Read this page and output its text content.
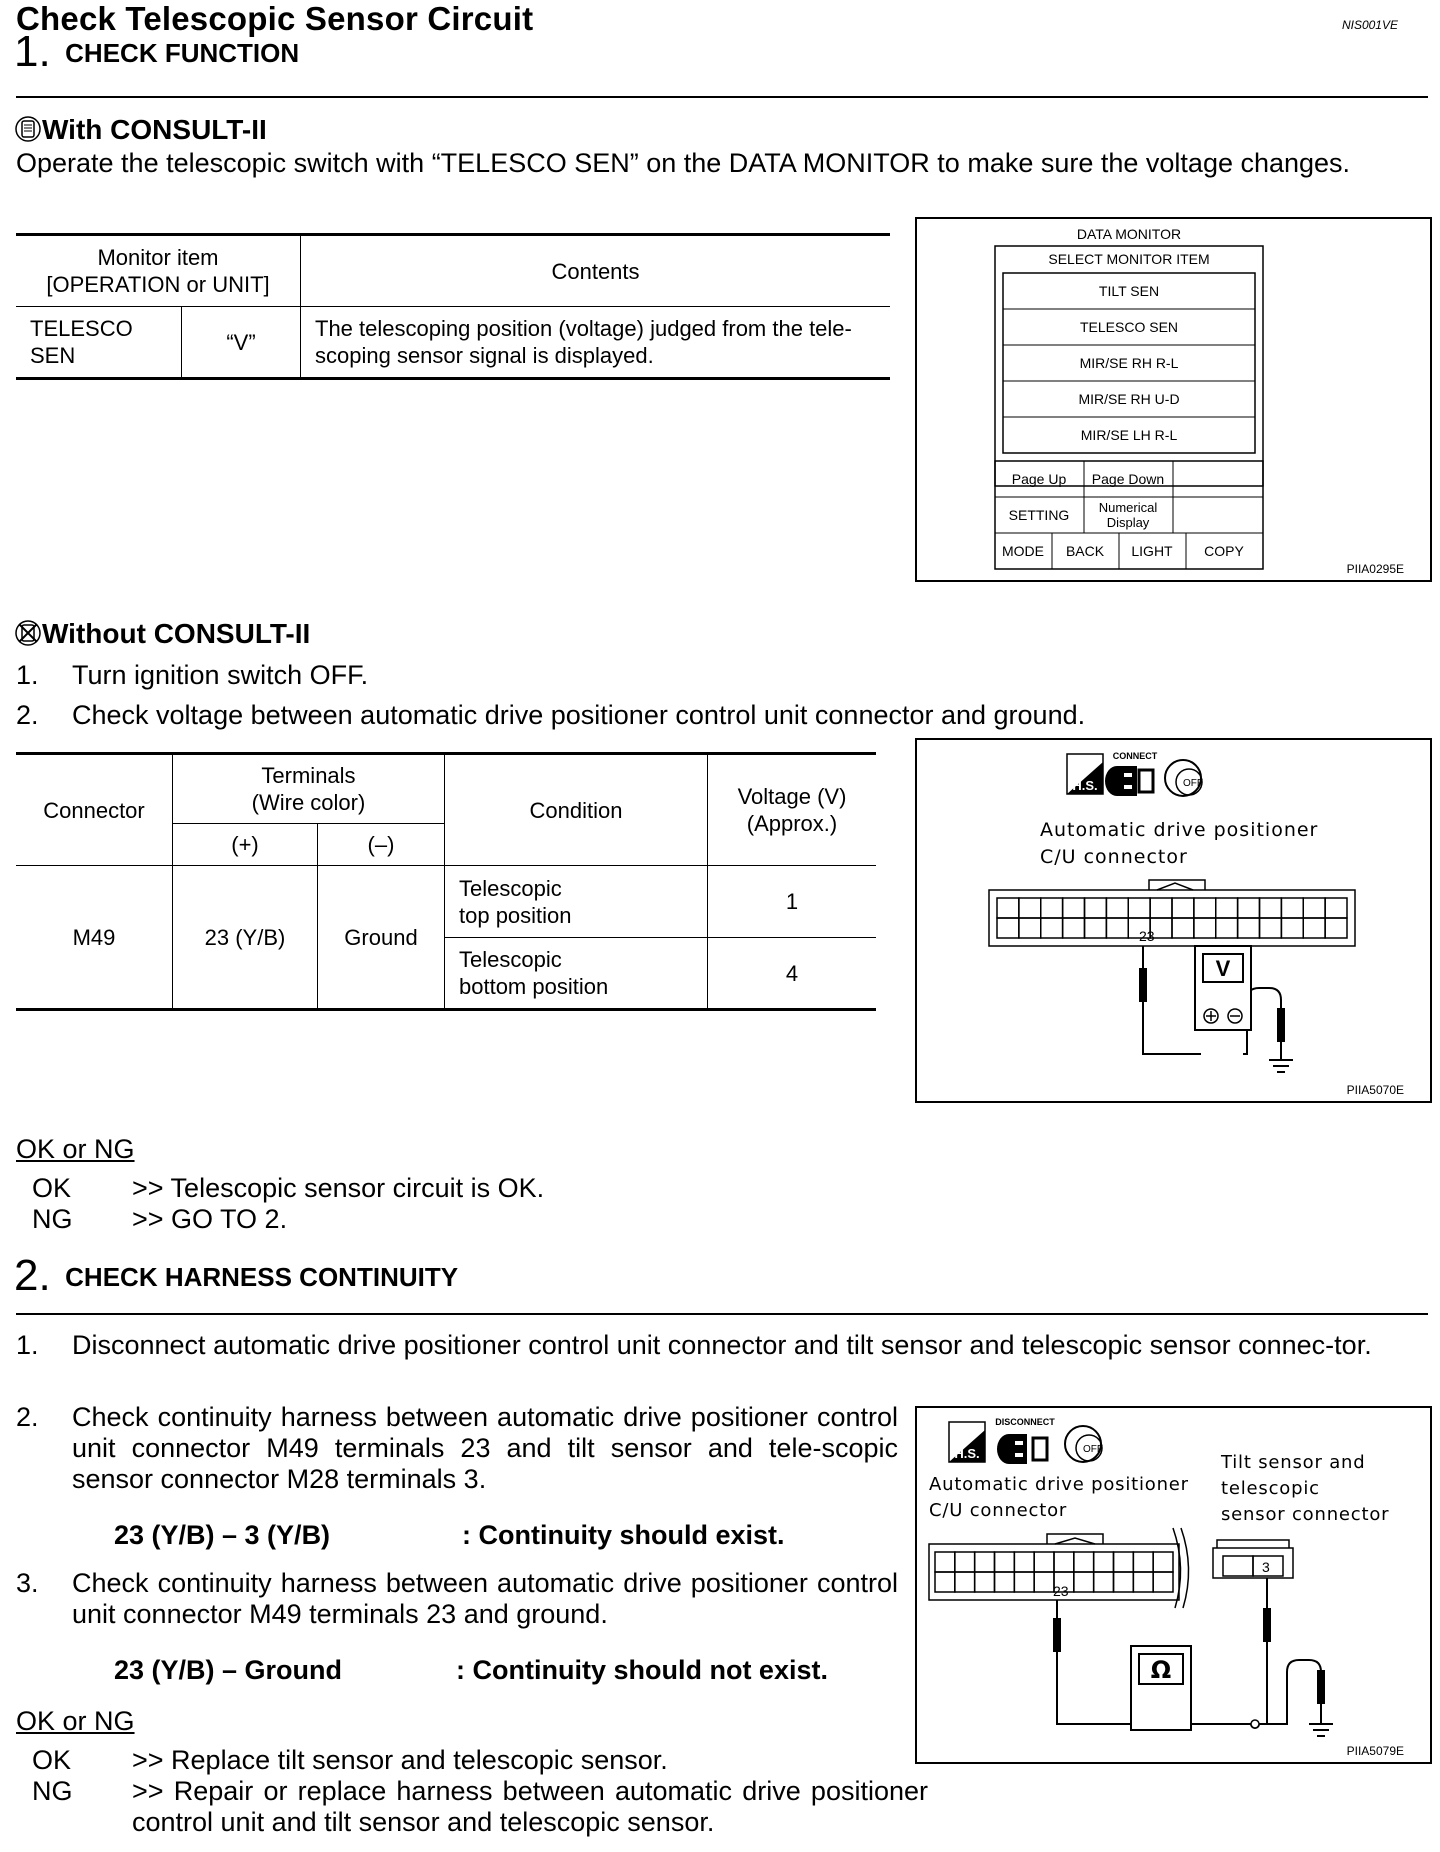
Check Telescopic Sensor Circuit	NIS001VE
1. CHECK FUNCTION
With CONSULT-II
Operate the telescopic switch with “TELESCO SEN” on the DATA MONITOR to make sure the voltage changes.
Monitor item
[OPERATION or UNIT]		Contents
TELESCO
SEN	“V”	The telescoping position (voltage) judged from the tele-
scoping sensor signal is displayed.
DATA MONITOR
SELECT MONITOR ITEM
TILT SEN
TELESCO SEN
MIR/SE RH R-L
MIR/SE RH U-D
MIR/SE LH R-L
Page Up Page Down
SETTING Numerical
Display
MODE BACK LIGHT COPY
PIIA0295E
Without CONSULT-II
1. Turn ignition switch OFF.
2. Check voltage between automatic drive positioner control unit connector and ground.
Connector	Terminals
(Wire color)		Condition	Voltage (V)
(Approx.)
	(+)	(–)		
M49	23 (Y/B)	Ground	Telescopic
top position	1
			Telescopic
bottom position	4
H.S.
CONNECT
OFF
Automatic drive positioner
C/U connector
23
V
PIIA5070E
OK or NG
OK >> Telescopic sensor circuit is OK.
NG >> GO TO 2.
2. CHECK HARNESS CONTINUITY
1.	Disconnect automatic drive positioner control unit connector and tilt sensor and telescopic sensor connec-tor.
2.	Check continuity harness between automatic drive positioner control unit connector M49 terminals 23 and tilt sensor and tele-scopic sensor connector M28 terminals 3.
23 (Y/B) – 3 (Y/B)	: Continuity should exist.
3.	Check continuity harness between automatic drive positioner control unit connector M49 terminals 23 and ground.
23 (Y/B) – Ground	: Continuity should not exist.
H.S.
DISCONNECT
OFF
Automatic drive positioner
C/U connector
Tilt sensor and
telescopic
sensor connector
23
3
Ω
PIIA5079E
OK or NG
OK	>> Replace tilt sensor and telescopic sensor.
NG	>> Repair or replace harness between automatic drive positioner control unit and tilt sensor and telescopic sensor.
